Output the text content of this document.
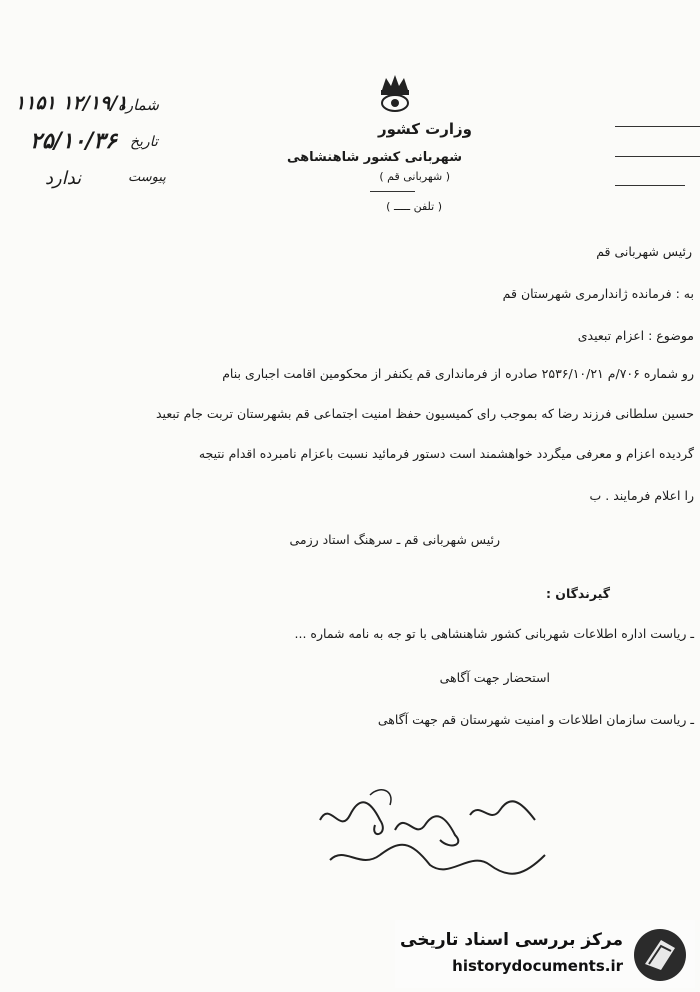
وزارت کشور
شهربانی کشور شاهنشاهی
( شهربانی قم )
( تلفن ـــــ )
شماره
۱۱۵۱ ۱۲/۱۹/۱
تاریخ
۲۵/۱۰/۳۶
پیوست
ندارد
رئیس شهربانی قم
به : فرمانده ژاندارمری شهرستان قم
موضوع : اعزام تبعیدی
رو شماره ۷۰۶/م ۲۵۳۶/۱۰/۲۱ صادره از فرمانداری قم یکنفر از محکومین اقامت اجباری بنام
حسین سلطانی فرزند رضا که بموجب رای کمیسیون حفظ امنیت اجتماعی قم بشهرستان تربت جام تبعید
گردیده اعزام و معرفی میگردد خواهشمند است دستور فرمائید نسبت باعزام نامبرده اقدام نتیجه
را اعلام فرمایند . ب
رئیس شهربانی قم ـ سرهنگ استاد رزمی
گیرندگان :
ـ ریاست اداره اطلاعات شهربانی کشور شاهنشاهی با تو جه به نامه شماره ...
استحضار جهت آگاهی
ـ ریاست سازمان اطلاعات و امنیت شهرستان قم جهت آگاهی
مرکز بررسی اسناد تاریخی
historydocuments.ir
